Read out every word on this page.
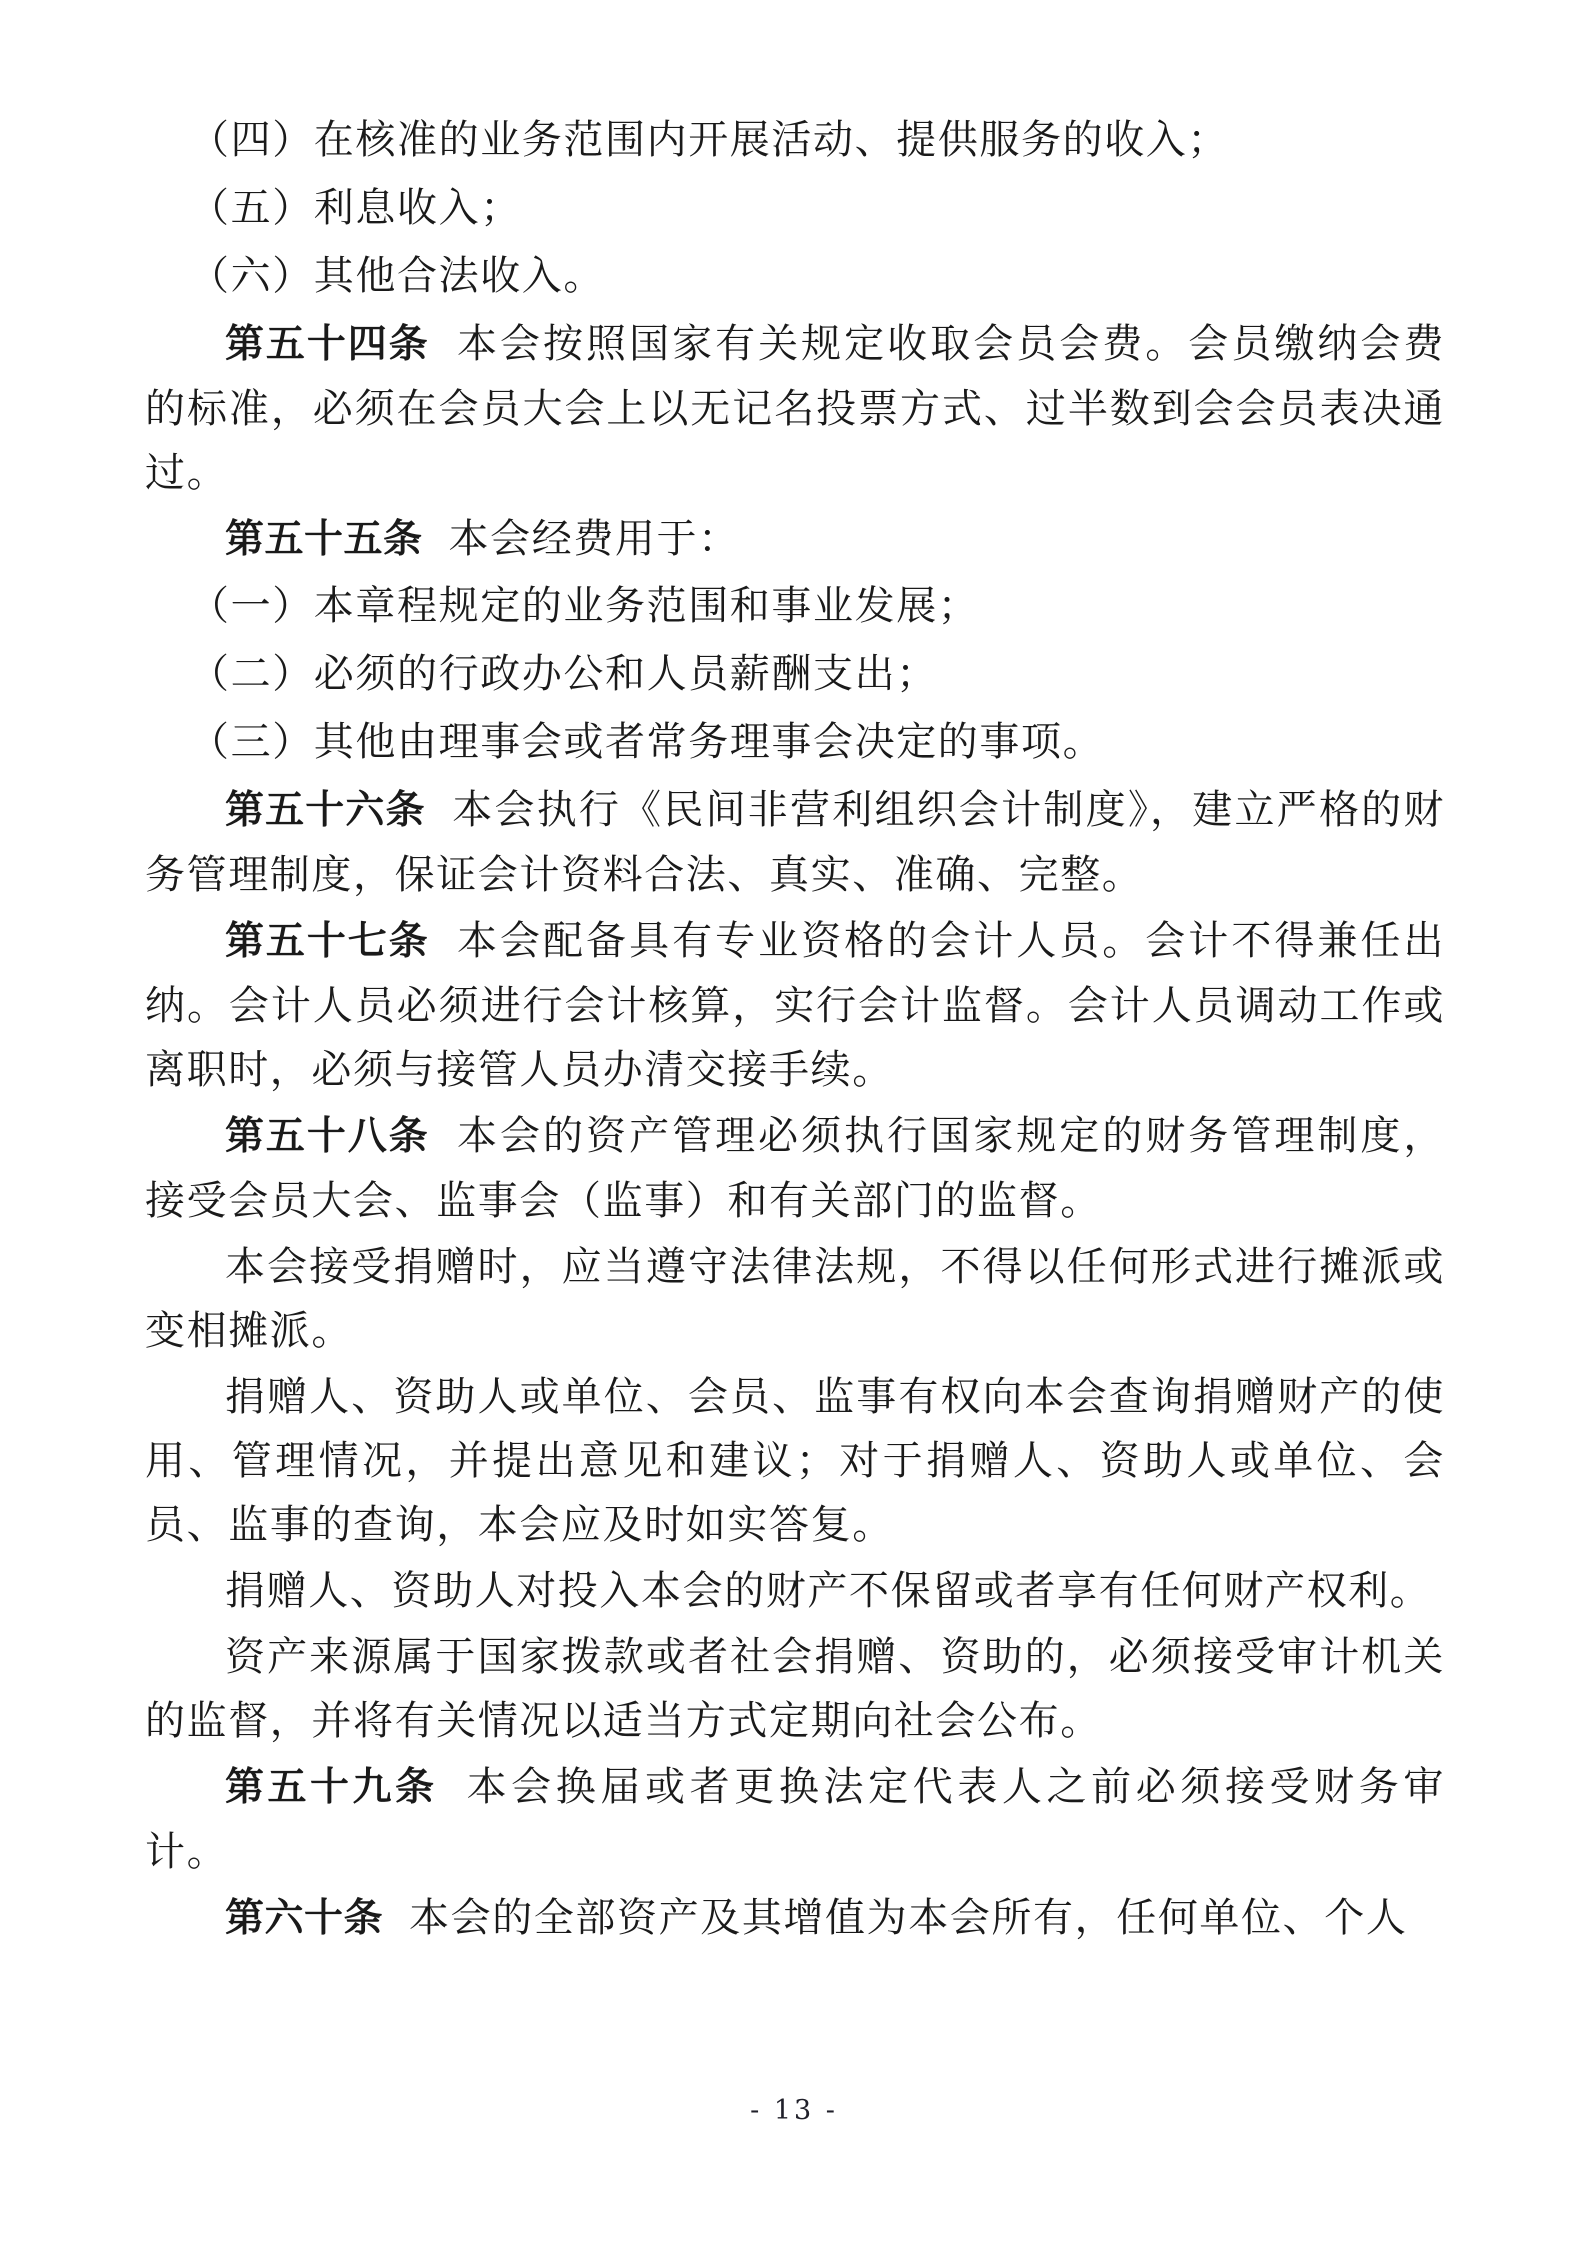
（四）在核准的业务范围内开展活动、提供服务的收入；

（五）利息收入；

（六）其他合法收入。

第五十四条 本会按照国家有关规定收取会员会费。会员缴纳会费的标准，必须在会员大会上以无记名投票方式、过半数到会会员表决通过。

第五十五条 本会经费用于：

（一）本章程规定的业务范围和事业发展；

（二）必须的行政办公和人员薪酬支出；

（三）其他由理事会或者常务理事会决定的事项。

第五十六条 本会执行《民间非营利组织会计制度》，建立严格的财务管理制度，保证会计资料合法、真实、准确、完整。

第五十七条 本会配备具有专业资格的会计人员。会计不得兼任出纳。会计人员必须进行会计核算，实行会计监督。会计人员调动工作或离职时，必须与接管人员办清交接手续。

第五十八条 本会的资产管理必须执行国家规定的财务管理制度，接受会员大会、监事会（监事）和有关部门的监督。

本会接受捐赠时，应当遵守法律法规，不得以任何形式进行摊派或变相摊派。

捐赠人、资助人或单位、会员、监事有权向本会查询捐赠财产的使用、管理情况，并提出意见和建议；对于捐赠人、资助人或单位、会员、监事的查询，本会应及时如实答复。

捐赠人、资助人对投入本会的财产不保留或者享有任何财产权利。

资产来源属于国家拨款或者社会捐赠、资助的，必须接受审计机关的监督，并将有关情况以适当方式定期向社会公布。

第五十九条 本会换届或者更换法定代表人之前必须接受财务审计。

第六十条 本会的全部资产及其增值为本会所有，任何单位、个人

- 13 -
